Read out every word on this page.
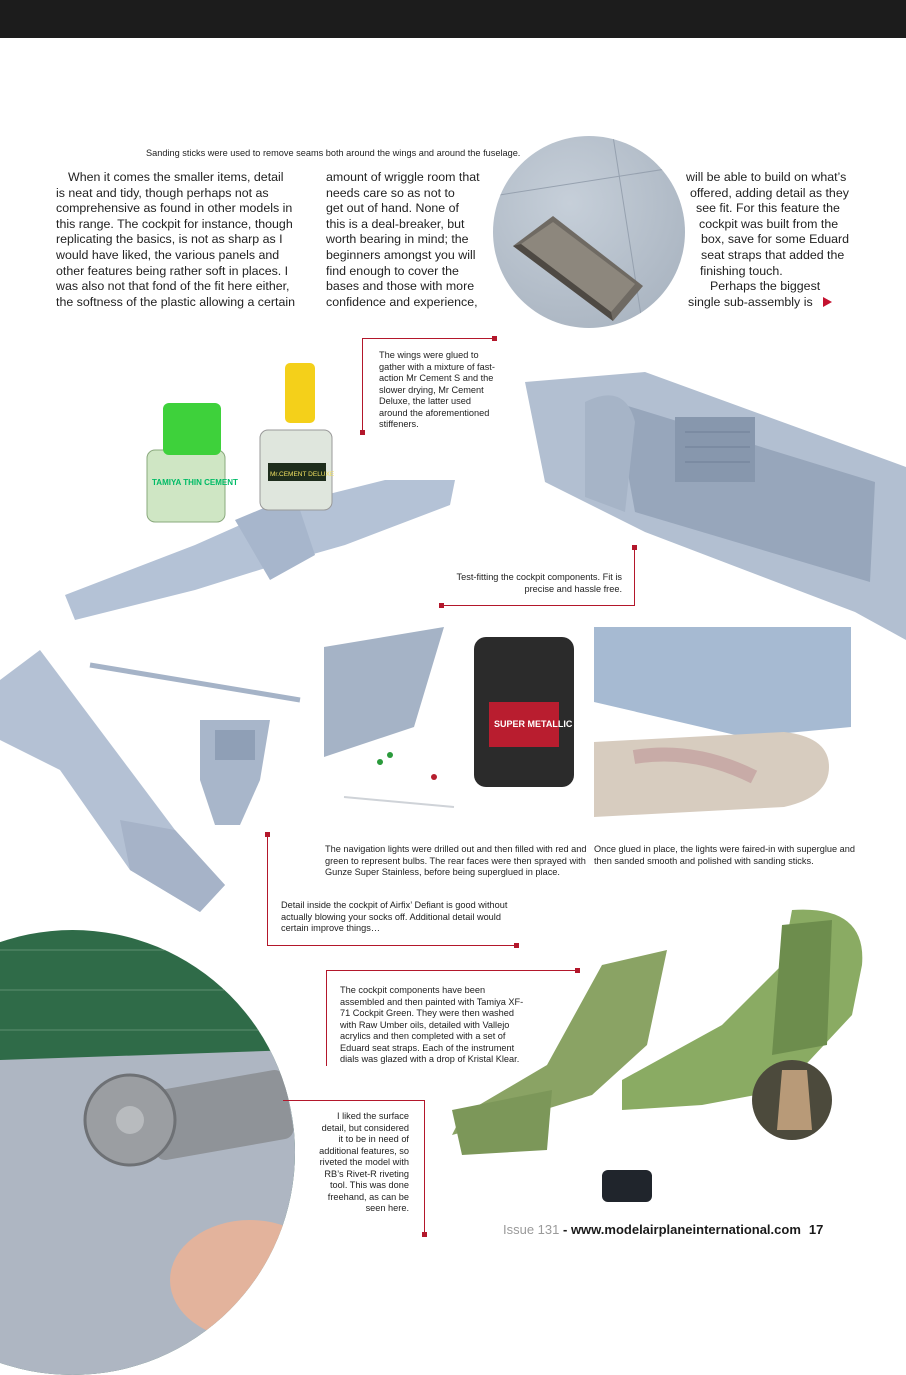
Sanding sticks were used to remove seams both around the wings and around the fuselage.

When it comes the smaller items, detail

is neat and tidy, though perhaps not as

comprehensive as found in other models in

this range. The cockpit for instance, though

replicating the basics, is not as sharp as I

would have liked, the various panels and

other features being rather soft in places. I

was also not that fond of the fit here either,

the softness of the plastic allowing a certain

amount of wriggle room that

needs care so as not to

get out of hand. None of

this is a deal-breaker, but

worth bearing in mind; the

beginners amongst you will

find enough to cover the

bases and those with more

confidence and experience,

will be able to build on what’s

offered, adding detail as they

see fit. For this feature the

cockpit was built from the

box, save for some Eduard

seat straps that added the

finishing touch.

Perhaps the biggest

single sub-assembly is

TAMIYA THIN CEMENT
Mr.CEMENT DELUXE
The wings were glued to gather with a mixture of fast-action Mr Cement S and the slower drying, Mr Cement Deluxe, the latter used around the aforementioned stiffeners.
Test-fitting the cockpit components. Fit is precise and hassle free.
SUPER METALLIC
The navigation lights were drilled out and then filled with red and green to represent bulbs. The rear faces were then sprayed with Gunze Super Stainless, before being superglued in place.
Once glued in place, the lights were faired-in with superglue and then sanded smooth and polished with sanding sticks.
Detail inside the cockpit of Airfix’ Defiant is good without actually blowing your socks off. Additional detail would certain improve things…
The cockpit components have been assembled and then painted with Tamiya XF-71 Cockpit Green. They were then washed with Raw Umber oils, detailed with Vallejo acrylics and then completed with a set of Eduard seat straps. Each of the instrument dials was glazed with a drop of Kristal Klear.
I liked the surface detail, but considered it to be in need of additional features, so riveted the model with RB’s Rivet-R riveting tool. This was done freehand, as can be seen here.
Issue 131 - www.modelairplaneinternational.com 17
